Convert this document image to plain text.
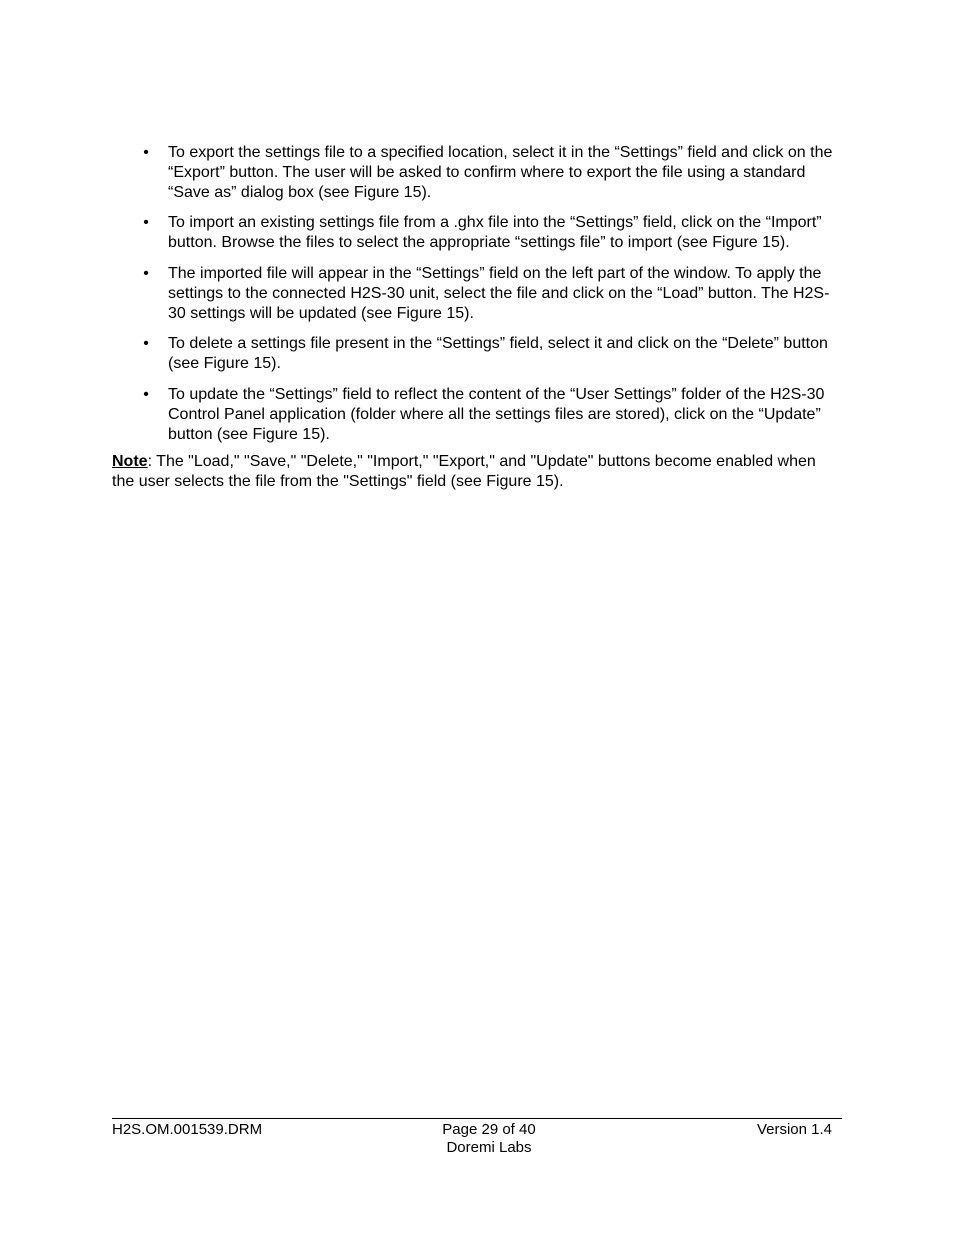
• To export the settings file to a specified location, select it in the “Settings” field and click on the “Export” button. The user will be asked to confirm where to export the file using a standard “Save as” dialog box (see Figure 15).
• To import an existing settings file from a .ghx file into the “Settings” field, click on the “Import” button. Browse the files to select the appropriate “settings file” to import (see Figure 15).
• The imported file will appear in the “Settings” field on the left part of the window. To apply the settings to the connected H2S-30 unit, select the file and click on the “Load” button. The H2S-30 settings will be updated (see Figure 15).
• To delete a settings file present in the “Settings” field, select it and click on the “Delete” button (see Figure 15).
• To update the “Settings” field to reflect the content of the “User Settings” folder of the H2S-30 Control Panel application (folder where all the settings files are stored), click on the “Update” button (see Figure 15).

Note: The "Load," "Save," "Delete," "Import," "Export," and "Update" buttons become enabled when the user selects the file from the "Settings" field (see Figure 15).

H2S.OM.001539.DRM	Page 29 of 40
Doremi Labs
Version 1.4
